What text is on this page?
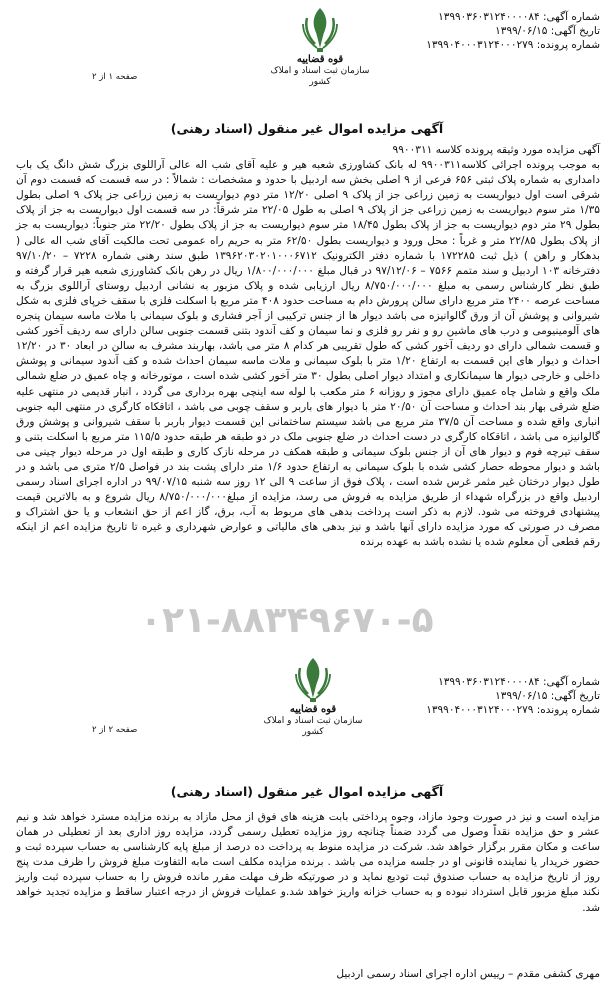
شماره آگهی: ۱۳۹۹۰۳۶۰۳۱۲۴۰۰۰۰۸۴
تاریخ آگهی: ۱۳۹۹/۰۶/۱۵
شماره پرونده: ۱۳۹۹۰۴۰۰۰۳۱۲۴۰۰۰۲۷۹
قوه قضاییه
سازمان ثبت اسناد و املاک کشور
صفحه ۱ از ۲
آگهی مزایده اموال غیر منقول (اسناد رهنی)
آگهی مزایده مورد وثیقه پرونده کلاسه ۹۹۰۰۳۱۱
به موجب پرونده اجرائی کلاسه۹۹۰۰۳۱۱ له بانک کشاورزی شعبه هیر و علیه آقای شب اله عالی آراللوی بزرگ شش دانگ یک باب دامداری به شماره پلاک ثبتی ۶۵۶ فرعی از ۹ اصلی بخش سه اردبیل با حدود و مشخصات : شمالاً : در سه قسمت که قسمت دوم آن شرقی است اول دیواریست به زمین زراعی جز از پلاک ۹ اصلی ۱۲/۲۰ متر دوم دیواریست به زمین زراعی جز پلاک ۹ اصلی بطول ۱/۳۵ متر سوم دیواریست به زمین زراعی جز از پلاک ۹ اصلی به طول ۲۲/۰۵ متر شرقاً: در سه قسمت اول دیواریست به جز از پلاک بطول ۲۹ متر دوم دیواریست به جز از پلاک بطول ۱۸/۴۵ متر سوم دیواریست به جز از پلاک بطول ۲۲/۲۰ متر جنوباً: دیواریست به جز از پلاک بطول ۲۲/۸۵ متر و غرباً : محل ورود و دیواریست بطول ۶۲/۵۰ متر به حریم راه عمومی تحت مالکیت آقای شب اله عالی ( بدهکار و راهن ) ذیل ثبت ۱۷۲۲۸۵ با شماره دفتر الکترونیک ۱۳۹۶۲۰۳۰۲۰۱۰۰۰۶۷۱۲ طبق سند رهنی شماره ۷۲۲۸ – ۹۷/۱۰/۲۰ دفترخانه ۱۰۳ اردبیل و سند متمم ۷۵۶۶ – ۹۷/۱۲/۰۶ در قبال مبلغ ۱/۸۰۰/۰۰۰/۰۰۰ ریال در رهن بانک کشاورزی شعبه هیر قرار گرفته و طبق نظر کارشناس رسمی به مبلغ ۸/۷۵۰/۰۰۰/۰۰۰ ریال ارزیابی شده و پلاک مزبور به نشانی اردبیل روستای آراللوی بزرگ به مساحت عرصه ۲۴۰۰ متر مربع دارای سالن پرورش دام به مساحت حدود ۴۰۸ متر مربع با اسکلت فلزی با سقف خرپای فلزی به شکل شیروانی و پوشش آن از ورق گالوانیزه می باشد دیوار ها از جنس ترکیبی از آجر فشاری و بلوک سیمانی با ملات ماسه سیمان پنجره های آلومینیومی و درب های ماشین رو و نفر رو فلزی و نما سیمان و کف آندود بتنی قسمت جنوبی سالن دارای سه ردیف آخور کشی و قسمت شمالی دارای دو ردیف آخور کشی که طول تقریبی هر کدام ۸ متر می باشد، بهاربند مشرف به سالن در ابعاد ۳۰ در ۱۲/۲۰ احداث و دیوار های این قسمت به ارتفاع ۱/۲۰ متر با بلوک سیمانی و ملات ماسه سیمان احداث شده و کف آندود سیمانی و پوشش داخلی و خارجی دیوار ها سیمانکاری و امتداد دیوار اصلی بطول ۳۰ متر آخور کشی شده است ، موتورخانه و چاه عمیق در ضلع شمالی ملک واقع و شامل چاه عمیق دارای مجوز و روزانه ۶ متر مکعب با لوله سه اینچی بهره برداری می گردد ، انبار قدیمی در منتهی علیه ضلع شرقی بهار بند احداث و مساحت آن ۲۰/۵۰ متر با دیوار های باربر و سقف چوبی می باشد ، اتاقکاه کارگری در منتهی الیه جنوبی انباری واقع شده و مساحت آن ۳۷/۵ متر مربع می باشد سیستم ساختمانی این قسمت دیوار باربر با سقف شیروانی و پوشش ورق گالوانیزه می باشد ، اتاقکاه کارگری در دست احداث در ضلع جنوبی ملک در دو طبقه هر طبقه حدود ۱۱۵/۵ متر مربع با اسکلت بتنی و سقف تیرچه فوم و دیوار های آن از جنس بلوک سیمانی و طبقه همکف در مرحله نازک کاری و طبقه اول در مرحله دیوار چینی می باشد و دیوار محوطه حصار کشی شده با بلوک سیمانی به ارتفاع حدود ۱/۶ متر دارای پشت بند در فواصل ۲/۵ متری می باشد و در طول دیوار درختان غیر مثمر غرس شده است ، پلاک فوق از ساعت ۹ الی ۱۲ روز سه شنبه ۹۹/۰۷/۱۵ در اداره اجرای اسناد رسمی اردبیل واقع در بزرگراه شهداء از طریق مزایده به فروش می رسد، مزایده از مبلغ۸/۷۵۰/۰۰۰/۰۰۰ ریال شروع و به بالاترین قیمت پیشنهادی فروخته می شود. لازم به ذکر است پرداخت بدهی های مربوط به آب، برق، گاز اعم از حق انشعاب و یا حق اشتراک و مصرف در صورتی که مورد مزایده دارای آنها باشد و نیز بدهی های مالیاتی و عوارض شهرداری و غیره تا تاریخ مزایده اعم از اینکه رقم قطعی آن معلوم شده یا نشده باشد به عهده برنده
۰۲۱-۸۸۳۴۹۶۷۰-۵
شماره آگهی: ۱۳۹۹۰۳۶۰۳۱۲۴۰۰۰۰۸۴
تاریخ آگهی: ۱۳۹۹/۰۶/۱۵
شماره پرونده: ۱۳۹۹۰۴۰۰۰۳۱۲۴۰۰۰۲۷۹
قوه قضاییه
سازمان ثبت اسناد و املاک کشور
صفحه ۲ از ۲
آگهی مزایده اموال غیر منقول (اسناد رهنی)
مزایده است و نیز در صورت وجود مازاد، وجوه پرداختی بابت هزینه های فوق از محل مازاد به برنده مزایده مسترد خواهد شد و نیم عشر و حق مزایده نقداً وصول می گردد ضمناً چنانچه روز مزایده تعطیل رسمی گردد، مزایده روز اداری بعد از تعطیلی در همان ساعت و مکان مقرر برگزار خواهد شد. شرکت در مزایده منوط به پرداخت ده درصد از مبلغ پایه کارشناسی به حساب سپرده ثبت و حضور خریدار یا نماینده قانونی او در جلسه مزایده می باشد . برنده مزایده مکلف است مابه التفاوت مبلغ فروش را ظرف مدت پنج روز از تاریخ مزایده به حساب صندوق ثبت تودیع نماید و در صورتیکه ظرف مهلت مقرر مانده فروش را به حساب سپرده ثبت واریز نکند مبلغ مزبور قابل استرداد نبوده و به حساب خزانه واریز خواهد شد.و عملیات فروش از درجه اعتبار ساقط و مزایده تجدید خواهد شد.
مهری کشفی مقدم – رییس اداره اجرای اسناد رسمی اردبیل
